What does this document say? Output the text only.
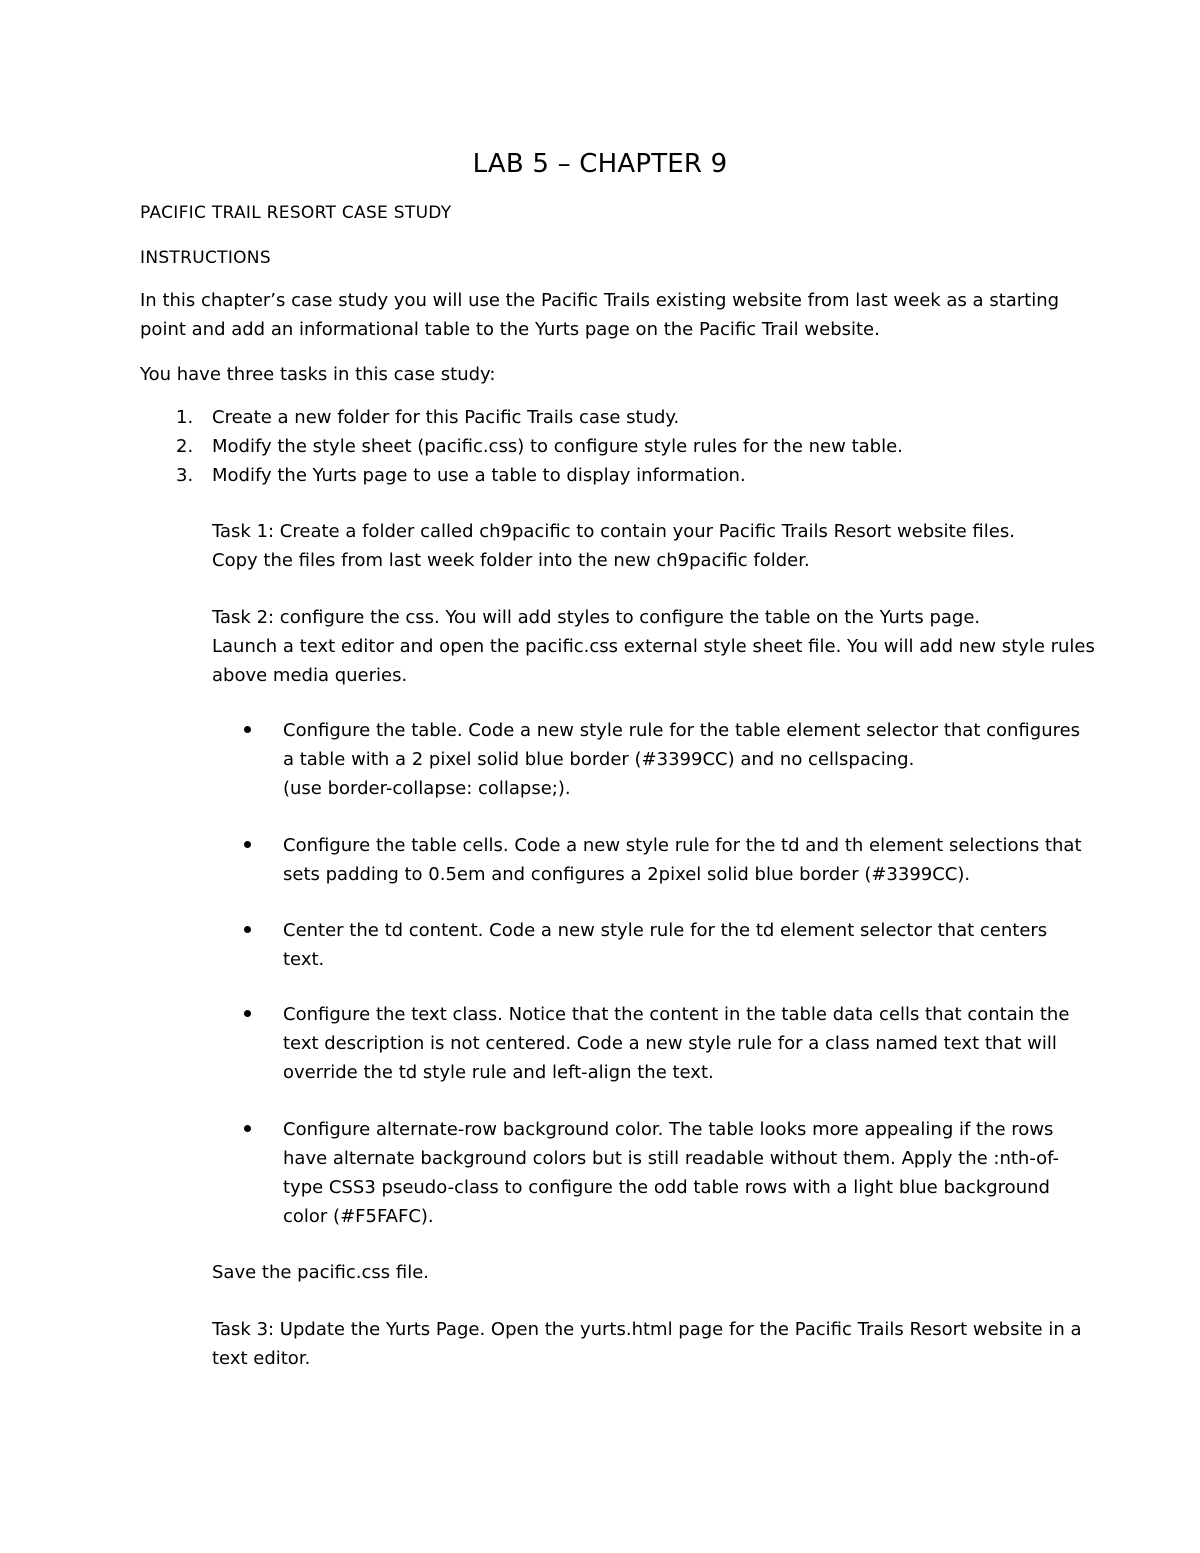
LAB 5 – CHAPTER 9
PACIFIC TRAIL RESORT CASE STUDY
INSTRUCTIONS
In this chapter’s case study you will use the Pacific Trails existing website from last week as a starting
point and add an informational table to the Yurts page on the Pacific Trail website.
You have three tasks in this case study:
1. Create a new folder for this Pacific Trails case study.
2. Modify the style sheet (pacific.css) to configure style rules for the new table.
3. Modify the Yurts page to use a table to display information.
Task 1: Create a folder called ch9pacific to contain your Pacific Trails Resort website files.
Copy the files from last week folder into the new ch9pacific folder.
Task 2: configure the css. You will add styles to configure the table on the Yurts page.
Launch a text editor and open the pacific.css external style sheet file. You will add new style rules
above media queries.
Configure the table. Code a new style rule for the table element selector that configures
a table with a 2 pixel solid blue border (#3399CC) and no cellspacing.
(use border-collapse: collapse;).
Configure the table cells. Code a new style rule for the td and th element selections that
sets padding to 0.5em and configures a 2pixel solid blue border (#3399CC).
Center the td content. Code a new style rule for the td element selector that centers
text.
Configure the text class. Notice that the content in the table data cells that contain the
text description is not centered. Code a new style rule for a class named text that will
override the td style rule and left-align the text.
Configure alternate-row background color. The table looks more appealing if the rows
have alternate background colors but is still readable without them. Apply the :nth-of-
type CSS3 pseudo-class to configure the odd table rows with a light blue background
color (#F5FAFC).
Save the pacific.css file.
Task 3: Update the Yurts Page. Open the yurts.html page for the Pacific Trails Resort website in a
text editor.
